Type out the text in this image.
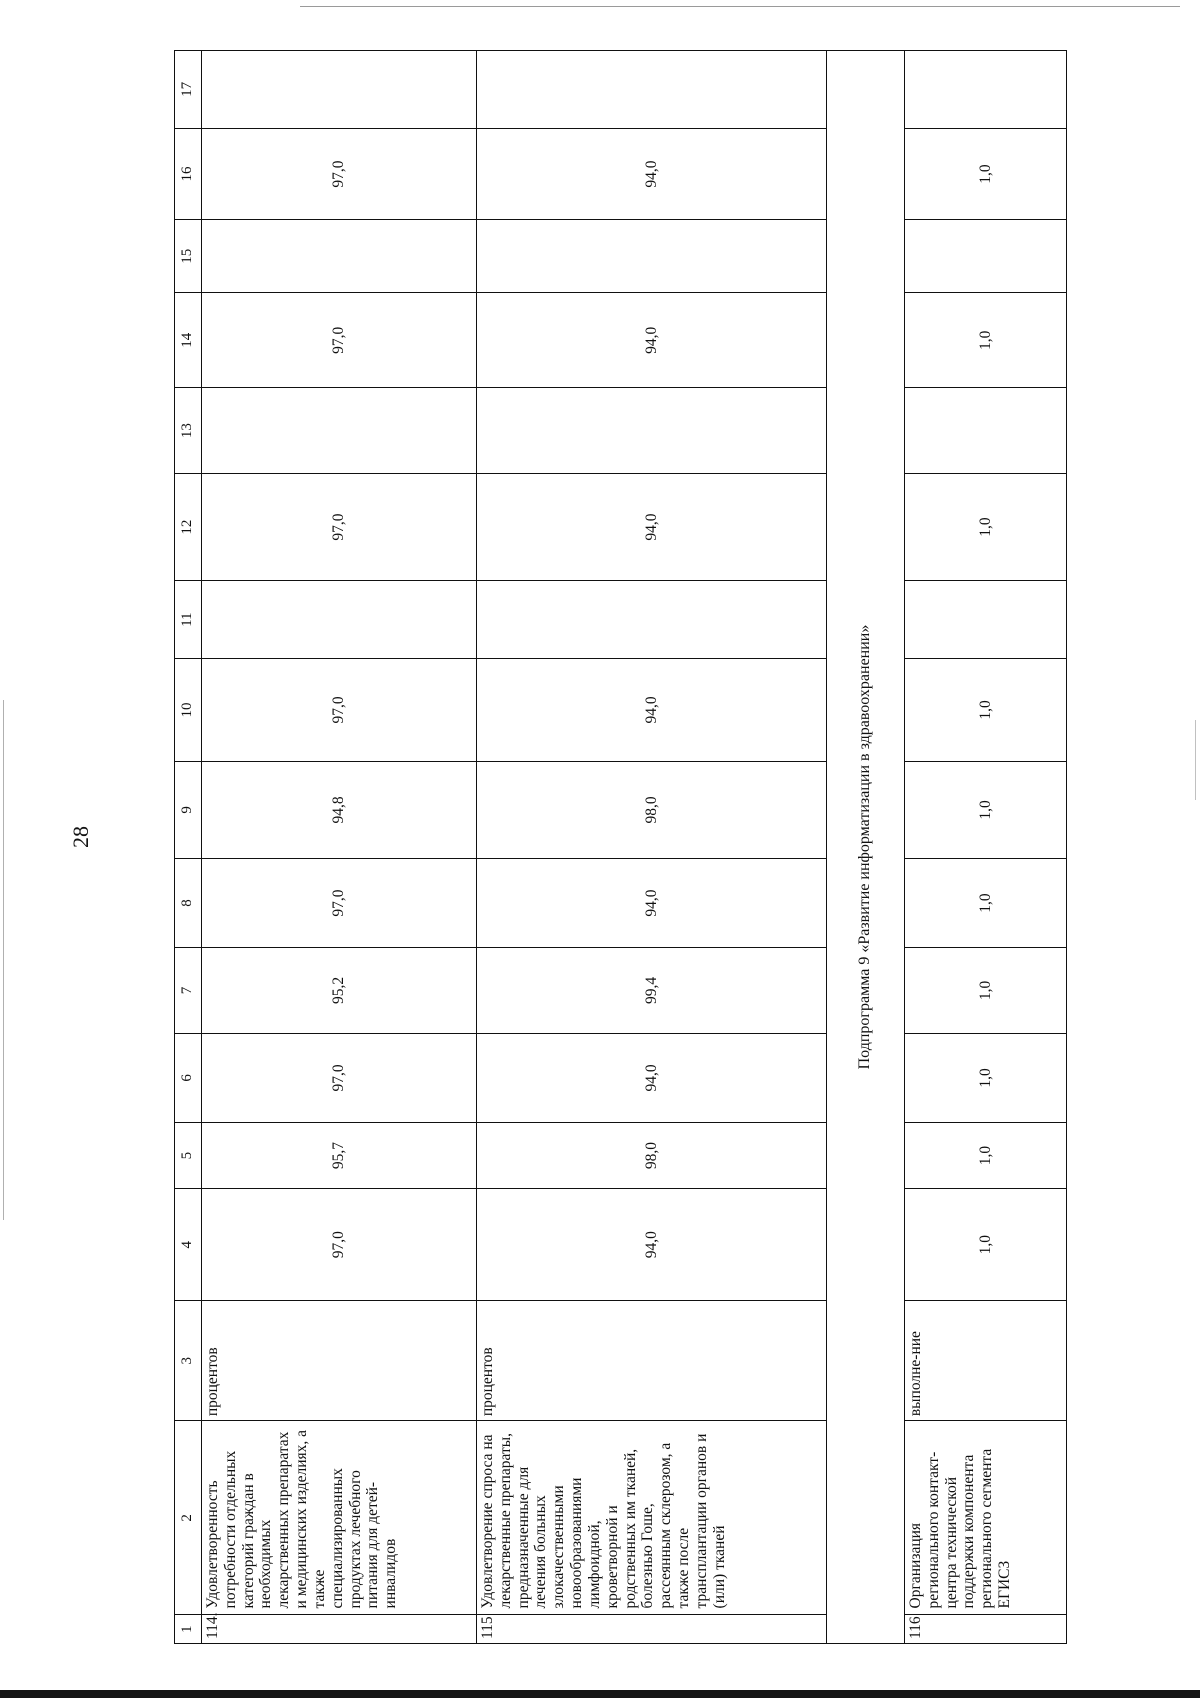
28
1	2	3	4	5	6	7	8	9	10	11	12	13	14	15	16	17
114.	Удовлетворенность потребности отдельных категорий граждан в необходимых лекарственных препаратах и медицинских изделиях, а также специализированных продуктах лечебного питания для детей-инвалидов	процентов	97,0	95,7	97,0	95,2	97,0	94,8	97,0		97,0		97,0		97,0	
115	Удовлетворение спроса на лекарственные препараты, предназначенные для лечения больных злокачественными новообразованиями лимфоидной, кроветворной и родственных им тканей, болезнью Гоше, рассеянным склерозом, а также после трансплантации органов и (или) тканей	процентов	94,0	98,0	94,0	99,4	94,0	98,0	94,0		94,0		94,0		94,0	
Подпрограмма 9 «Развитие информатизации в здравоохранении»																
116	Организация регионального контакт-центра технической поддержки компонента регионального сегмента ЕГИСЗ	выполне-ние	1,0	1,0	1,0	1,0	1,0	1,0	1,0		1,0		1,0		1,0	
